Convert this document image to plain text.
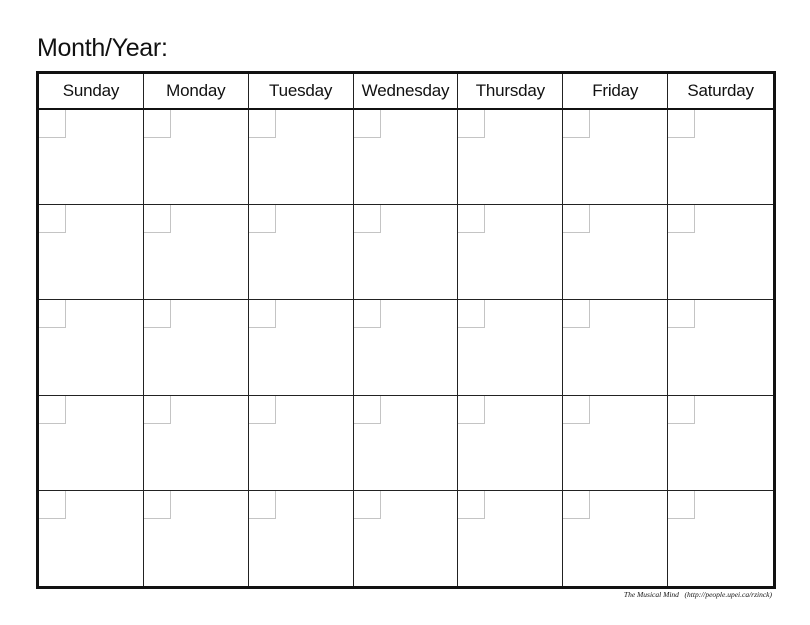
Month/Year:
Sunday	Monday	Tuesday	Wednesday	Thursday	Friday	Saturday
The Musical Mind   (http://people.upei.ca/rzinck)
